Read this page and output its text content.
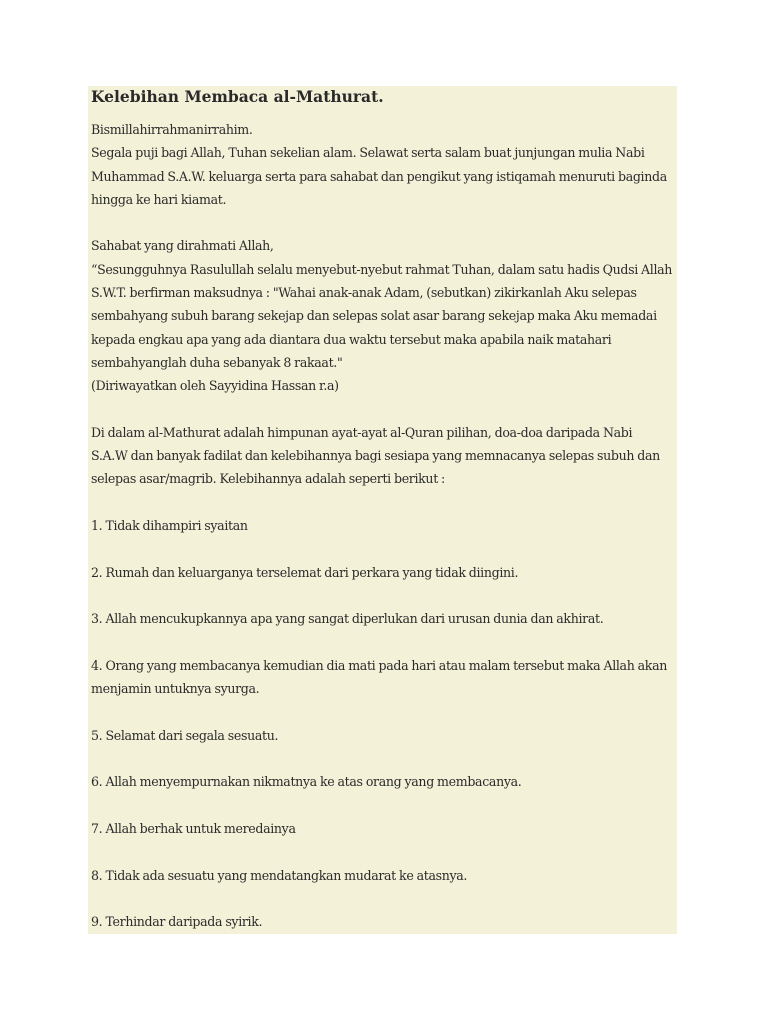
Kelebihan Membaca al-Mathurat.

Bismillahirrahmanirrahim.
Segala puji bagi Allah, Tuhan sekelian alam. Selawat serta salam buat junjungan mulia Nabi
Muhammad S.A.W. keluarga serta para sahabat dan pengikut yang istiqamah menuruti baginda
hingga ke hari kiamat.

Sahabat yang dirahmati Allah,
“Sesungguhnya Rasulullah selalu menyebut-nyebut rahmat Tuhan, dalam satu hadis Qudsi Allah
S.W.T. berfirman maksudnya : "Wahai anak-anak Adam, (sebutkan) zikirkanlah Aku selepas
sembahyang subuh barang sekejap dan selepas solat asar barang sekejap maka Aku memadai
kepada engkau apa yang ada diantara dua waktu tersebut maka apabila naik matahari
sembahyanglah duha sebanyak 8 rakaat."
(Diriwayatkan oleh Sayyidina Hassan r.a)

Di dalam al-Mathurat adalah himpunan ayat-ayat al-Quran pilihan, doa-doa daripada Nabi
S.A.W dan banyak fadilat dan kelebihannya bagi sesiapa yang memnacanya selepas subuh dan
selepas asar/magrib. Kelebihannya adalah seperti berikut :

1. Tidak dihampiri syaitan

2. Rumah dan keluarganya terselemat dari perkara yang tidak diingini.

3. Allah mencukupkannya apa yang sangat diperlukan dari urusan dunia dan akhirat.

4. Orang yang membacanya kemudian dia mati pada hari atau malam tersebut maka Allah akan
menjamin untuknya syurga.

5. Selamat dari segala sesuatu.

6. Allah menyempurnakan nikmatnya ke atas orang yang membacanya.

7. Allah berhak untuk meredainya

8. Tidak ada sesuatu yang mendatangkan mudarat ke atasnya.

9. Terhindar daripada syirik.
